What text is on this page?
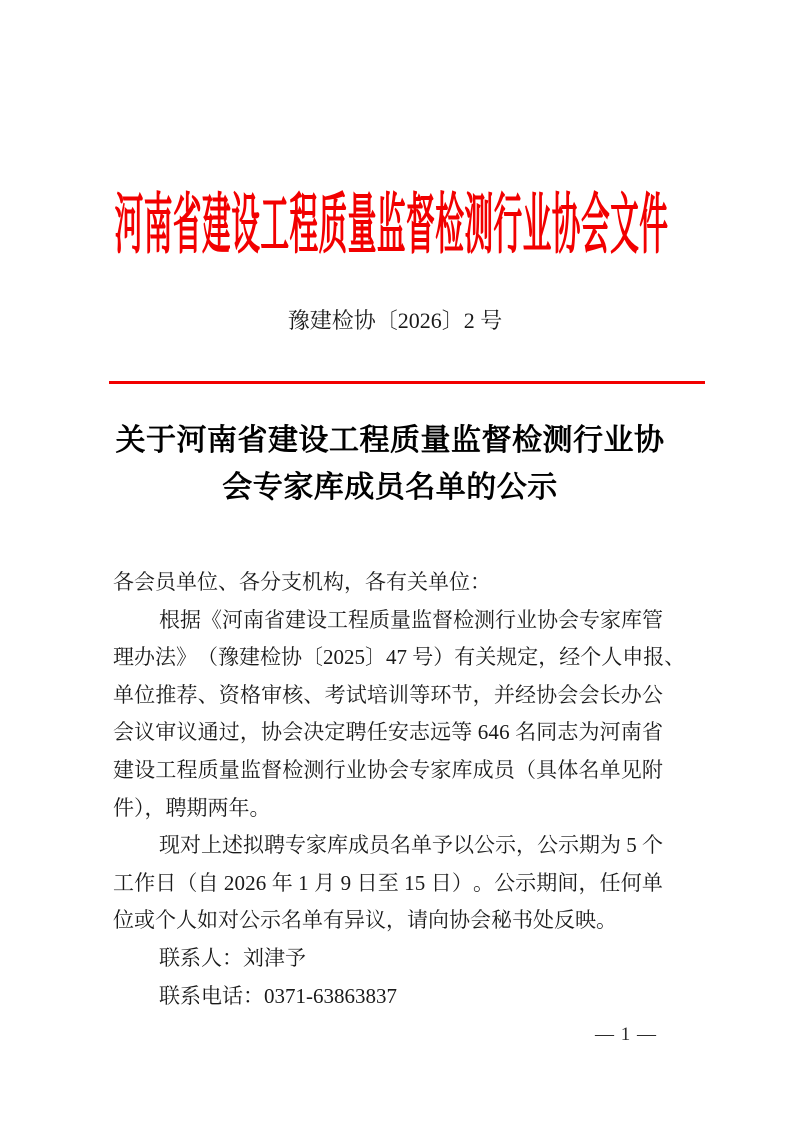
河南省建设工程质量监督检测行业协会文件
豫建检协〔2026〕2 号
关于河南省建设工程质量监督检测行业协
会专家库成员名单的公示
各会员单位、各分支机构，各有关单位：
根 据 《 河 南 省 建 设 工 程 质 量 监 督 检 测 行 业 协 会 专 家 库 管
理 办 法 》 （ 豫 建 检 协 〔 2 0 2 5 〕 4 7
号 ） 有 关 规 定 ， 经 个 人 申 报 、
单 位 推 荐 、 资 格 审 核 、 考 试 培 训 等 环 节 ， 并 经 协 会 会 长 办 公
会 议 审 议 通 过 ， 协 会 决 定 聘 任 安 志 远 等
6 4 6
名 同 志 为 河 南 省
建 设 工 程 质 量 监 督 检 测 行 业 协 会 专 家 库 成 员 （ 具 体 名 单 见 附
件），聘期两年。
现 对 上 述 拟 聘 专 家 库 成 员 名 单 予 以 公 示 ， 公 示 期 为
5
个
工 作 日 （ 自
2 0 2 6
年
1
月
9
日 至
1 5
日 ） 。 公 示 期 间 ， 任 何 单
位或个人如对公示名单有异议，请向协会秘书处反映。
联系人：刘津予
联系电话：0371-63863837
— 1 —
